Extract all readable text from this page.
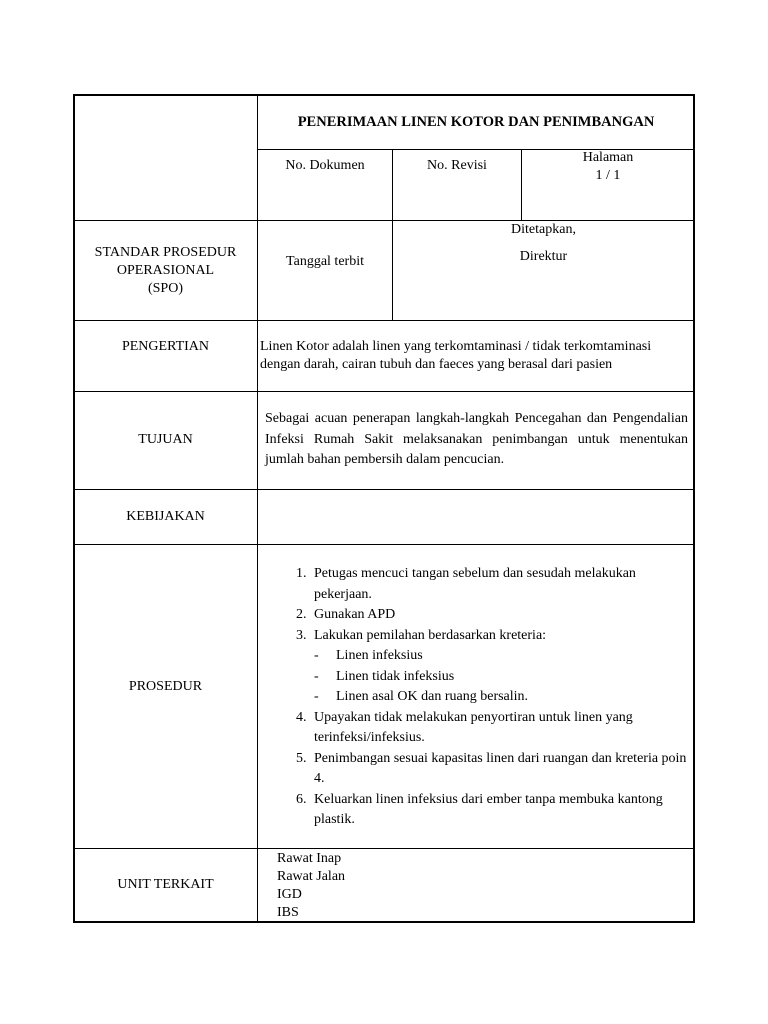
PENERIMAAN LINEN KOTOR DAN PENIMBANGAN
No. Dokumen	No. Revisi
Halaman
1 / 1
STANDAR PROSEDUR
OPERASIONAL
(SPO)
Tanggal terbit
Ditetapkan,
Direktur
PENGERTIAN	Linen Kotor adalah linen yang terkomtaminasi / tidak terkomtaminasi dengan darah, cairan tubuh dan faeces yang berasal dari pasien
TUJUAN
Sebagai acuan penerapan langkah-langkah Pencegahan dan Pengendalian Infeksi Rumah Sakit melaksanakan penimbangan untuk menentukan jumlah bahan pembersih dalam pencucian.
KEBIJAKAN
PROSEDUR
1. Petugas mencuci tangan sebelum dan sesudah melakukan pekerjaan.
2. Gunakan APD
3. Lakukan pemilahan berdasarkan kreteria:
- Linen infeksius
- Linen tidak infeksius
- Linen asal OK dan ruang bersalin.
4. Upayakan tidak melakukan penyortiran untuk linen yang terinfeksi/infeksius.
5. Penimbangan sesuai kapasitas linen dari ruangan dan kreteria poin 4.
6. Keluarkan linen infeksius dari ember tanpa membuka kantong plastik.
UNIT TERKAIT
Rawat Inap
Rawat Jalan
IGD
IBS
